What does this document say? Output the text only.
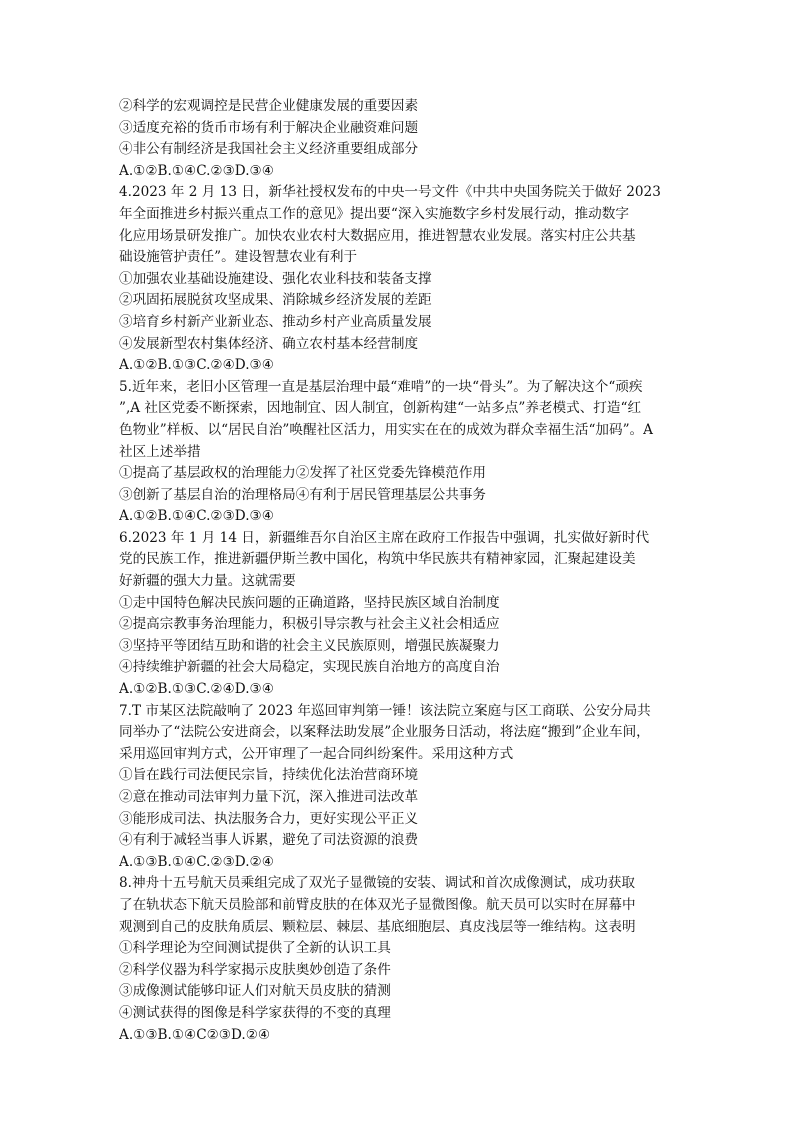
②科学的宏观调控是民营企业健康发展的重要因素
③适度充裕的货币市场有利于解决企业融资难问题
④非公有制经济是我国社会主义经济重要组成部分
A.①②B.①④C.②③D.③④
4.2023 年 2 月 13 日，新华社授权发布的中央一号文件《中共中央国务院关于做好 2023
年全面推进乡村振兴重点工作的意见》提出要“深入实施数字乡村发展行动，推动数字
化应用场景研发推广。加快农业农村大数据应用，推进智慧农业发展。落实村庄公共基
础设施管护责任”。建设智慧农业有利于
①加强农业基础设施建设、强化农业科技和装备支撑
②巩固拓展脱贫攻坚成果、消除城乡经济发展的差距
③培育乡村新产业新业态、推动乡村产业高质量发展
④发展新型农村集体经济、确立农村基本经营制度
A.①②B.①③C.②④D.③④
5.近年来，老旧小区管理一直是基层治理中最“难啃”的一块“骨头”。为了解决这个“顽疾
”,A 社区党委不断探索，因地制宜、因人制宜，创新构建“一站多点”养老模式、打造“红
色物业”样板、以“居民自治”唤醒社区活力，用实实在在的成效为群众幸福生活“加码”。A
社区上述举措
①提高了基层政权的治理能力②发挥了社区党委先锋模范作用
③创新了基层自治的治理格局④有利于居民管理基层公共事务
A.①②B.①④C.②③D.③④
6.2023 年 1 月 14 日，新疆维吾尔自治区主席在政府工作报告中强调，扎实做好新时代
党的民族工作，推进新疆伊斯兰教中国化，构筑中华民族共有精神家园，汇聚起建设美
好新疆的强大力量。这就需要
①走中国特色解决民族问题的正确道路，坚持民族区域自治制度
②提高宗教事务治理能力，积极引导宗教与社会主义社会相适应
③坚持平等团结互助和谐的社会主义民族原则，增强民族凝聚力
④持续维护新疆的社会大局稳定，实现民族自治地方的高度自治
A.①②B.①③C.②④D.③④
7.T 市某区法院敲响了 2023 年巡回审判第一锤！该法院立案庭与区工商联、公安分局共
同举办了“法院公安进商会，以案释法助发展”企业服务日活动，将法庭“搬到”企业车间，
采用巡回审判方式，公开审理了一起合同纠纷案件。采用这种方式
①旨在践行司法便民宗旨，持续优化法治营商环境
②意在推动司法审判力量下沉，深入推进司法改革
③能形成司法、执法服务合力，更好实现公平正义
④有利于减轻当事人诉累，避免了司法资源的浪费
A.①③B.①④C.②③D.②④
8.神舟十五号航天员乘组完成了双光子显微镜的安装、调试和首次成像测试，成功获取
了在轨状态下航天员脸部和前臂皮肤的在体双光子显微图像。航天员可以实时在屏幕中
观测到自己的皮肤角质层、颗粒层、棘层、基底细胞层、真皮浅层等一维结构。这表明
①科学理论为空间测试提供了全新的认识工具
②科学仪器为科学家揭示皮肤奥妙创造了条件
③成像测试能够印证人们对航天员皮肤的猜测
④测试获得的图像是科学家获得的不变的真理
A.①③B.①④C②③D.②④
